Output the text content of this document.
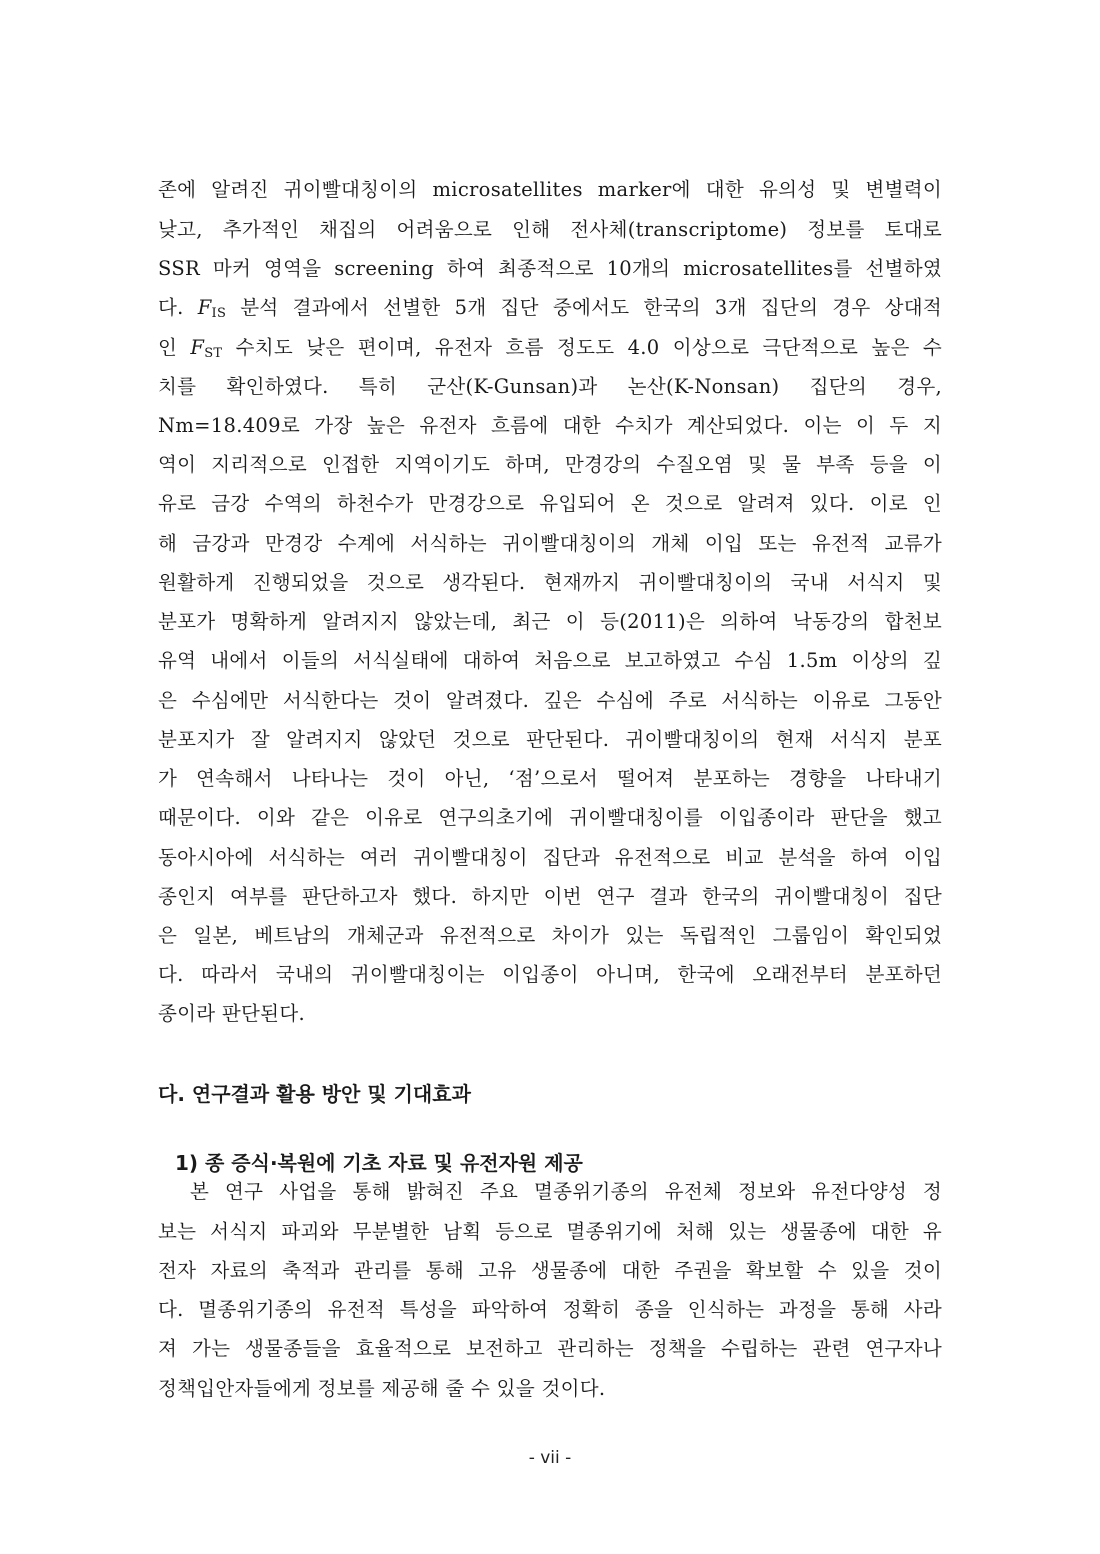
존에 알려진 귀이빨대칭이의 microsatellites marker에 대한 유의성 및 변별력이
낮고, 추가적인 채집의 어려움으로 인해 전사체(transcriptome) 정보를 토대로
SSR 마커 영역을 screening 하여 최종적으로 10개의 microsatellites를 선별하였
다. $F_{IS}$ 분석 결과에서 선별한 5개 집단 중에서도 한국의 3개 집단의 경우 상대적
인 $F_{ST}$ 수치도 낮은 편이며, 유전자 흐름 정도도 4.0 이상으로 극단적으로 높은 수
치를 확인하였다. 특히 군산(K-Gunsan)과 논산(K-Nonsan) 집단의 경우,
Nm=18.409로 가장 높은 유전자 흐름에 대한 수치가 계산되었다. 이는 이 두 지
역이 지리적으로 인접한 지역이기도 하며, 만경강의 수질오염 및 물 부족 등을 이
유로 금강 수역의 하천수가 만경강으로 유입되어 온 것으로 알려져 있다. 이로 인
해 금강과 만경강 수계에 서식하는 귀이빨대칭이의 개체 이입 또는 유전적 교류가
원활하게 진행되었을 것으로 생각된다. 현재까지 귀이빨대칭이의 국내 서식지 및
분포가 명확하게 알려지지 않았는데, 최근 이 등(2011)은 의하여 낙동강의 합천보
유역 내에서 이들의 서식실태에 대하여 처음으로 보고하였고 수심 1.5m 이상의 깊
은 수심에만 서식한다는 것이 알려졌다. 깊은 수심에 주로 서식하는 이유로 그동안
분포지가 잘 알려지지 않았던 것으로 판단된다. 귀이빨대칭이의 현재 서식지 분포
가 연속해서 나타나는 것이 아닌, ‘점’으로서 떨어져 분포하는 경향을 나타내기
때문이다. 이와 같은 이유로 연구의초기에 귀이빨대칭이를 이입종이라 판단을 했고
동아시아에 서식하는 여러 귀이빨대칭이 집단과 유전적으로 비교 분석을 하여 이입
종인지 여부를 판단하고자 했다. 하지만 이번 연구 결과 한국의 귀이빨대칭이 집단
은 일본, 베트남의 개체군과 유전적으로 차이가 있는 독립적인 그룹임이 확인되었
다. 따라서 국내의 귀이빨대칭이는 이입종이 아니며, 한국에 오래전부터 분포하던
종이라 판단된다.
다. 연구결과 활용 방안 및 기대효과
1) 종 증식·복원에 기초 자료 및 유전자원 제공
본 연구 사업을 통해 밝혀진 주요 멸종위기종의 유전체 정보와 유전다양성 정
보는 서식지 파괴와 무분별한 남획 등으로 멸종위기에 처해 있는 생물종에 대한 유
전자 자료의 축적과 관리를 통해 고유 생물종에 대한 주권을 확보할 수 있을 것이
다. 멸종위기종의 유전적 특성을 파악하여 정확히 종을 인식하는 과정을 통해 사라
져 가는 생물종들을 효율적으로 보전하고 관리하는 정책을 수립하는 관련 연구자나
정책입안자들에게 정보를 제공해 줄 수 있을 것이다.
- vii -
